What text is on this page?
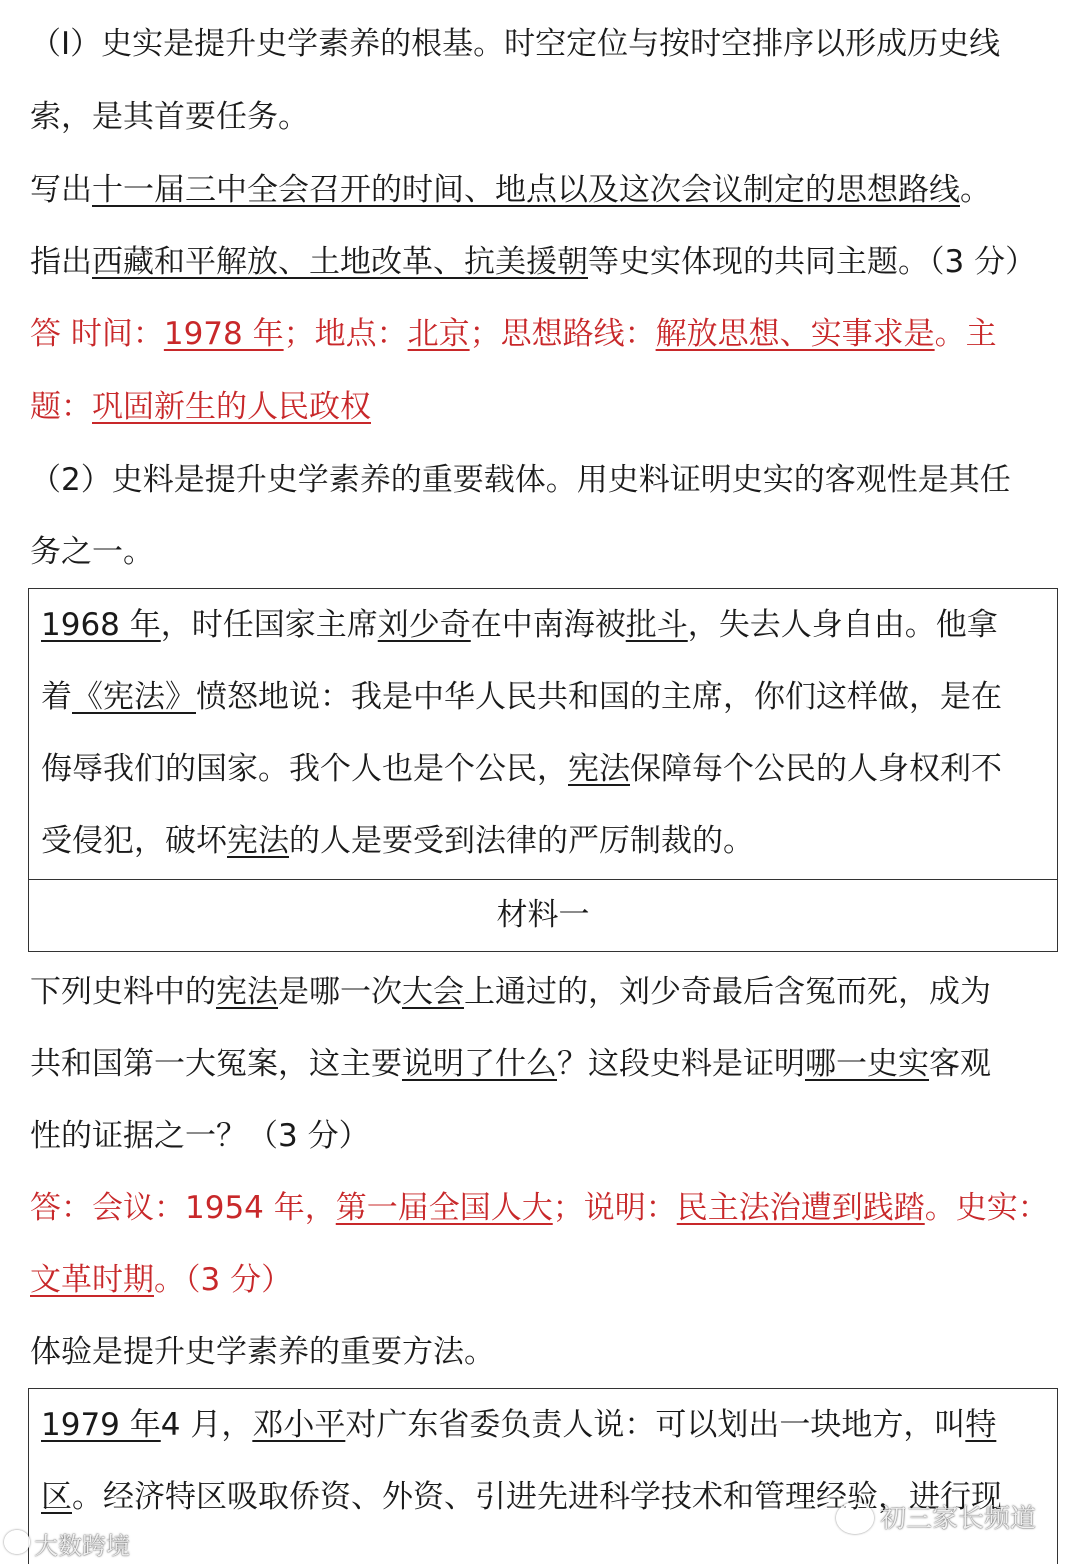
（Ⅰ）史实是提升史学素养的根基。时空定位与按时空排序以形成历史线
索，是其首要任务。
写出十一届三中全会召开的时间、地点以及这次会议制定的思想路线。
指出西藏和平解放、土地改革、抗美援朝等史实体现的共同主题。（3 分）
答 时间：1978 年；地点：北京；思想路线：解放思想、实事求是。主
题：巩固新生的人民政权
（2）史料是提升史学素养的重要载体。用史料证明史实的客观性是其任
务之一。
1968 年，时任国家主席刘少奇在中南海被批斗，失去人身自由。他拿
着《宪法》愤怒地说：我是中华人民共和国的主席，你们这样做，是在
侮辱我们的国家。我个人也是个公民，宪法保障每个公民的人身权利不
受侵犯，破坏宪法的人是要受到法律的严厉制裁的。
材料一
下列史料中的宪法是哪一次大会上通过的，刘少奇最后含冤而死，成为
共和国第一大冤案，这主要说明了什么？这段史料是证明哪一史实客观
性的证据之一？（3 分）
答：会议：1954 年，第一届全国人大；说明：民主法治遭到践踏。史实：
文革时期。（3 分）
体验是提升史学素养的重要方法。
1979 年4 月，邓小平对广东省委负责人说：可以划出一块地方，叫特
区。经济特区吸取侨资、外资、引进先进科学技术和管理经验，进行现
大数跨境
初三家长频道
